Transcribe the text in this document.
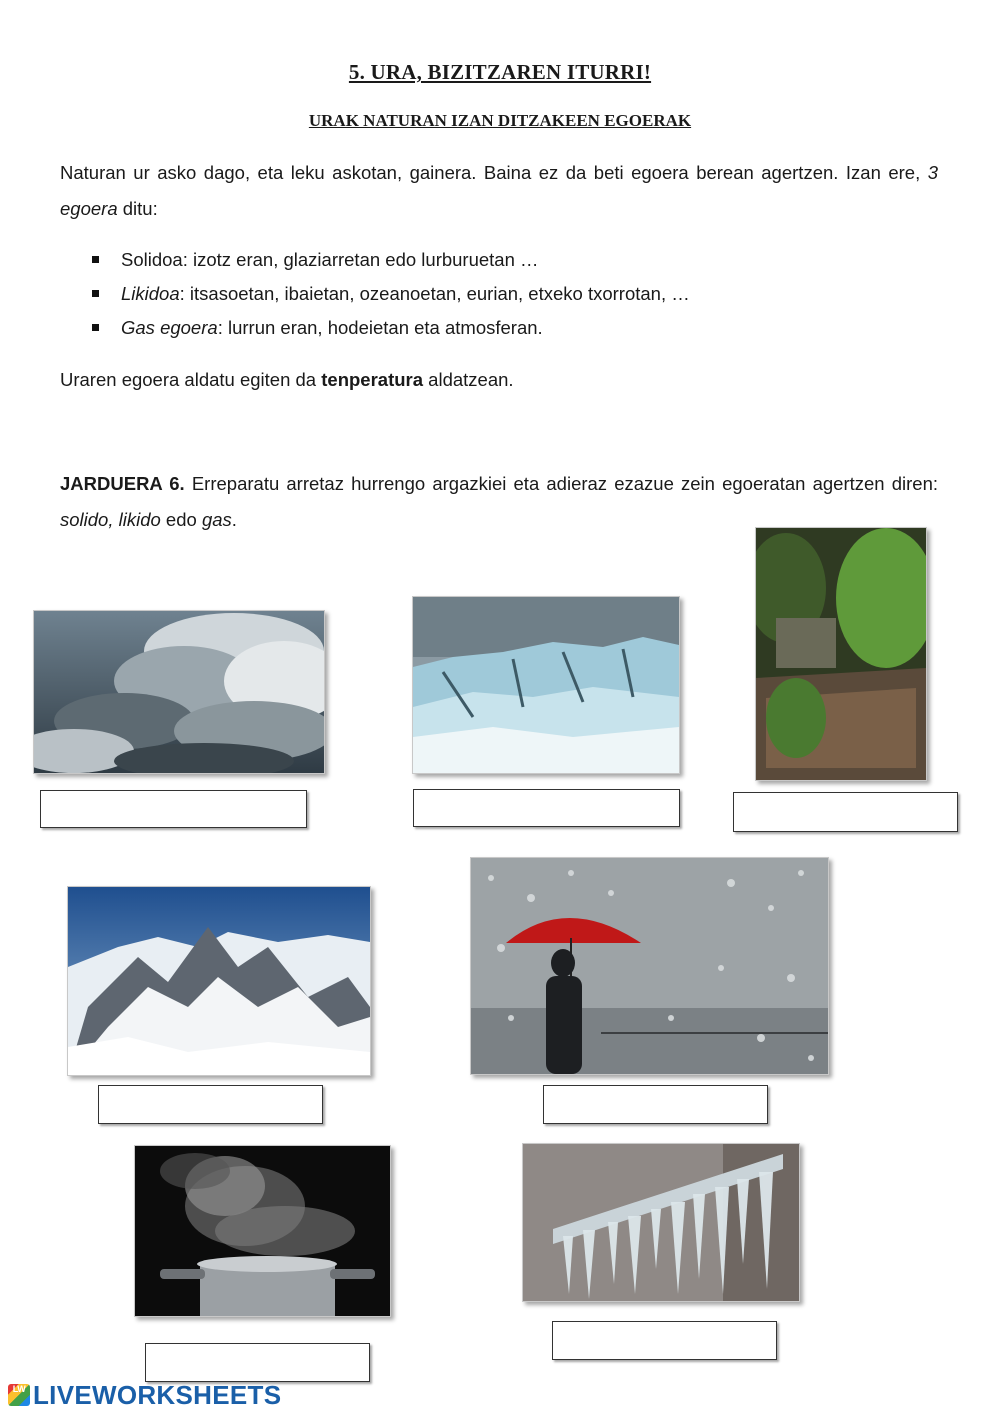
5. URA, BIZITZAREN ITURRI!
URAK NATURAN IZAN DITZAKEEN EGOERAK
Naturan ur asko dago, eta leku askotan, gainera. Baina ez da beti egoera berean agertzen. Izan ere, 3 egoera ditu:
Solidoa: izotz eran, glaziarretan edo lurburuetan …
Likidoa: itsasoetan, ibaietan, ozeanoetan, eurian, etxeko txorrotan, …
Gas egoera: lurrun eran, hodeietan eta atmosferan.
Uraren egoera aldatu egiten da tenperatura aldatzean.
JARDUERA 6. Erreparatu arretaz hurrengo argazkiei eta adieraz ezazue zein egoeratan agertzen diren: solido, likido edo gas.
LW LIVEWORKSHEETS
